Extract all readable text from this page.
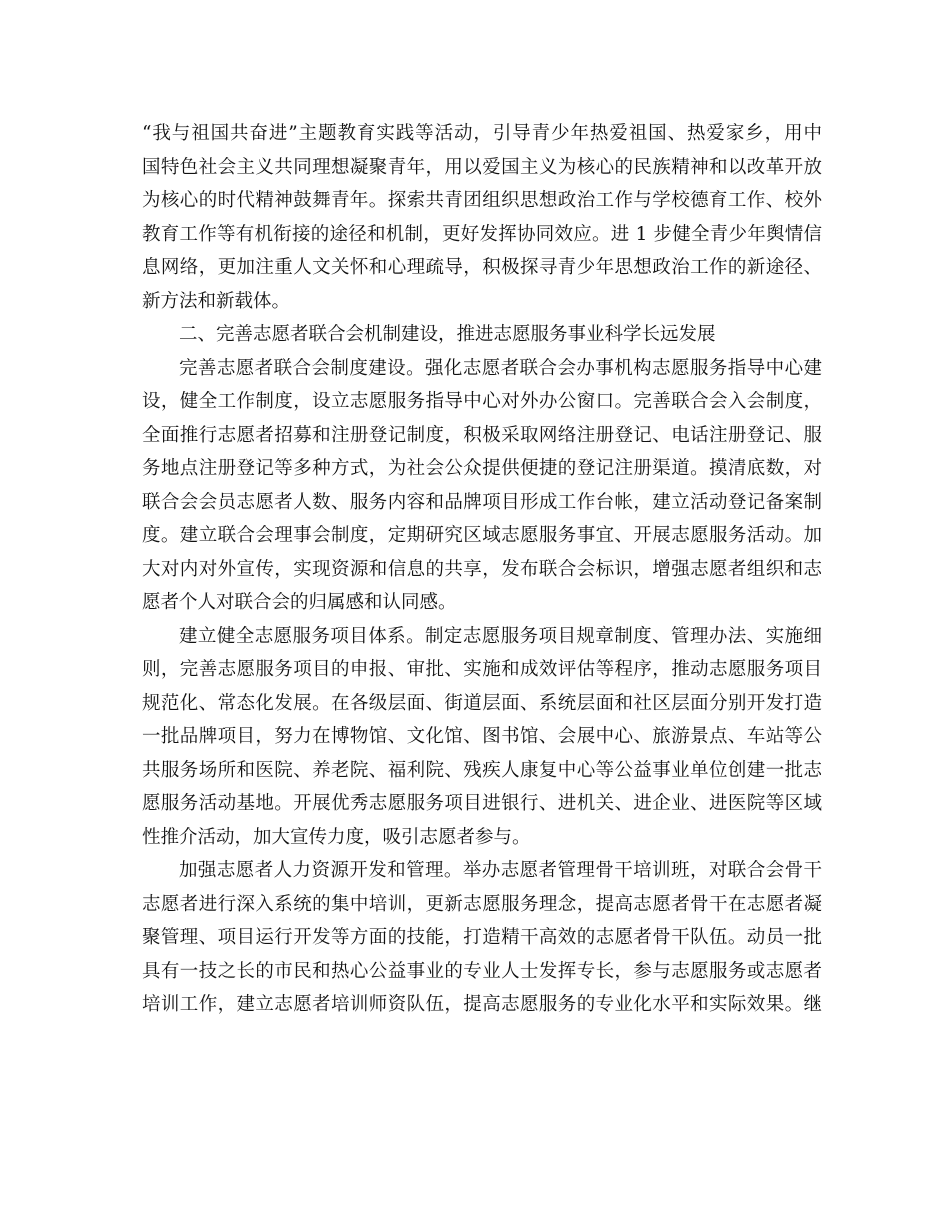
“我与祖国共奋进”主题教育实践等活动，引导青少年热爱祖国、热爱家乡，用中
国特色社会主义共同理想凝聚青年，用以爱国主义为核心的民族精神和以改革开放
为核心的时代精神鼓舞青年。探索共青团组织思想政治工作与学校德育工作、校外
教育工作等有机衔接的途径和机制，更好发挥协同效应。进 1 步健全青少年舆情信
息网络，更加注重人文关怀和心理疏导，积极探寻青少年思想政治工作的新途径、
新方法和新载体。
二、完善志愿者联合会机制建设，推进志愿服务事业科学长远发展
完善志愿者联合会制度建设。强化志愿者联合会办事机构志愿服务指导中心建
设，健全工作制度，设立志愿服务指导中心对外办公窗口。完善联合会入会制度，
全面推行志愿者招募和注册登记制度，积极采取网络注册登记、电话注册登记、服
务地点注册登记等多种方式，为社会公众提供便捷的登记注册渠道。摸清底数，对
联合会会员志愿者人数、服务内容和品牌项目形成工作台帐，建立活动登记备案制
度。建立联合会理事会制度，定期研究区域志愿服务事宜、开展志愿服务活动。加
大对内对外宣传，实现资源和信息的共享，发布联合会标识，增强志愿者组织和志
愿者个人对联合会的归属感和认同感。
建立健全志愿服务项目体系。制定志愿服务项目规章制度、管理办法、实施细
则，完善志愿服务项目的申报、审批、实施和成效评估等程序，推动志愿服务项目
规范化、常态化发展。在各级层面、街道层面、系统层面和社区层面分别开发打造
一批品牌项目，努力在博物馆、文化馆、图书馆、会展中心、旅游景点、车站等公
共服务场所和医院、养老院、福利院、残疾人康复中心等公益事业单位创建一批志
愿服务活动基地。开展优秀志愿服务项目进银行、进机关、进企业、进医院等区域
性推介活动，加大宣传力度，吸引志愿者参与。
加强志愿者人力资源开发和管理。举办志愿者管理骨干培训班，对联合会骨干
志愿者进行深入系统的集中培训，更新志愿服务理念，提高志愿者骨干在志愿者凝
聚管理、项目运行开发等方面的技能，打造精干高效的志愿者骨干队伍。动员一批
具有一技之长的市民和热心公益事业的专业人士发挥专长，参与志愿服务或志愿者
培训工作，建立志愿者培训师资队伍，提高志愿服务的专业化水平和实际效果。继
